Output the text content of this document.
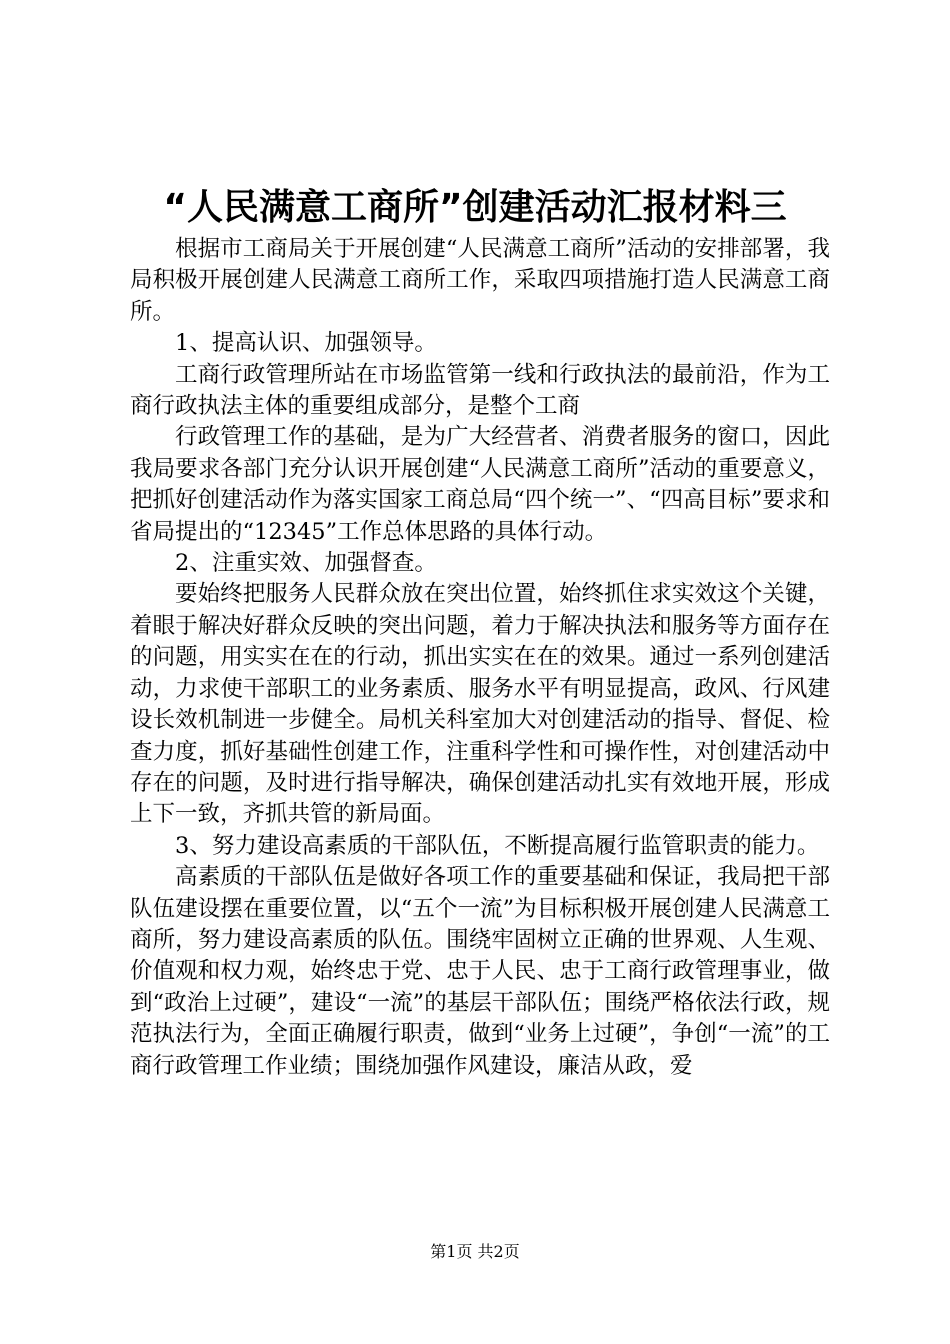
“人民满意工商所”创建活动汇报材料三

根据市工商局关于开展创建“人民满意工商所”活动的安排部署，我局积极开展创建人民满意工商所工作，采取四项措施打造人民满意工商所。

1、提高认识、加强领导。

工商行政管理所站在市场监管第一线和行政执法的最前沿，作为工商行政执法主体的重要组成部分，是整个工商

行政管理工作的基础，是为广大经营者、消费者服务的窗口，因此我局要求各部门充分认识开展创建“人民满意工商所”活动的重要意义，把抓好创建活动作为落实国家工商总局“四个统一”、“四高目标”要求和省局提出的“12345”工作总体思路的具体行动。

2、注重实效、加强督查。

要始终把服务人民群众放在突出位置，始终抓住求实效这个关键，着眼于解决好群众反映的突出问题，着力于解决执法和服务等方面存在的问题，用实实在在的行动，抓出实实在在的效果。通过一系列创建活动，力求使干部职工的业务素质、服务水平有明显提高，政风、行风建设长效机制进一步健全。局机关科室加大对创建活动的指导、督促、检查力度，抓好基础性创建工作，注重科学性和可操作性，对创建活动中存在的问题，及时进行指导解决，确保创建活动扎实有效地开展，形成上下一致，齐抓共管的新局面。

3、努力建设高素质的干部队伍，不断提高履行监管职责的能力。

高素质的干部队伍是做好各项工作的重要基础和保证，我局把干部队伍建设摆在重要位置，以“五个一流”为目标积极开展创建人民满意工商所，努力建设高素质的队伍。围绕牢固树立正确的世界观、人生观、价值观和权力观，始终忠于党、忠于人民、忠于工商行政管理事业，做到“政治上过硬”，建设“一流”的基层干部队伍；围绕严格依法行政，规范执法行为，全面正确履行职责，做到“业务上过硬”，争创“一流”的工商行政管理工作业绩；围绕加强作风建设，廉洁从政，爱

第1页 共2页
